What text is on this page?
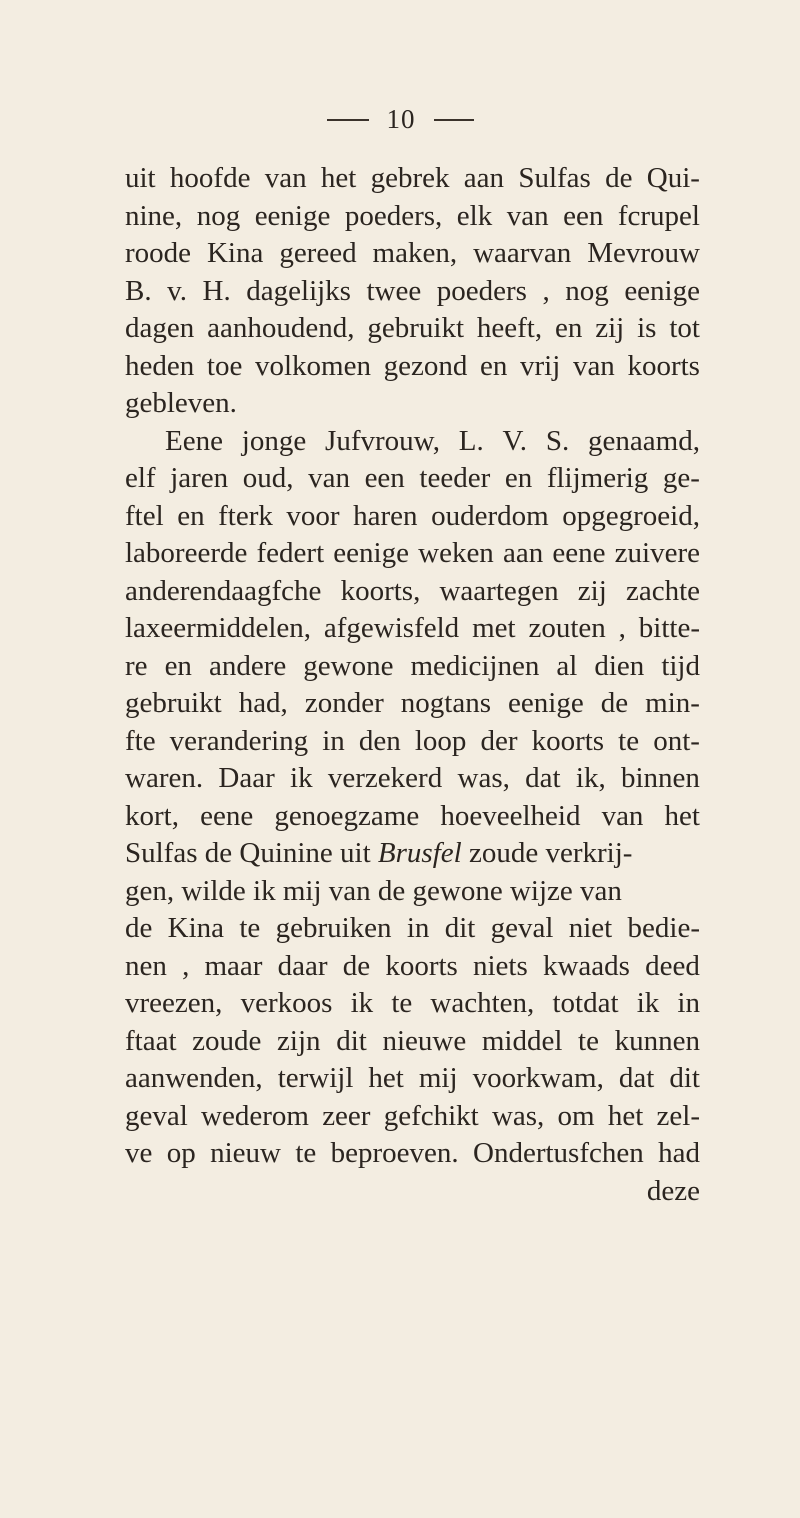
10
uit hoofde van het gebrek aan Sulfas de Qui-
nine, nog eenige poeders, elk van een fcrupel
roode Kina gereed maken, waarvan Mevrouw
B. v. H. dagelijks twee poeders , nog eenige
dagen aanhoudend, gebruikt heeft, en zij is tot
heden toe volkomen gezond en vrij van koorts
gebleven.
Eene jonge Jufvrouw, L. V. S. genaamd,
elf jaren oud, van een teeder en flijmerig ge-
ftel en fterk voor haren ouderdom opgegroeid,
laboreerde federt eenige weken aan eene zuivere
anderendaagfche koorts, waartegen zij zachte
laxeermiddelen, afgewisfeld met zouten , bitte-
re en andere gewone medicijnen al dien tijd
gebruikt had, zonder nogtans eenige de min-
fte verandering in den loop der koorts te ont-
waren. Daar ik verzekerd was, dat ik, binnen
kort, eene genoegzame hoeveelheid van het
Sulfas de Quinine uit Brusfel zoude verkrij-
gen, wilde ik mij van de gewone wijze van
de Kina te gebruiken in dit geval niet bedie-
nen , maar daar de koorts niets kwaads deed
vreezen, verkoos ik te wachten, totdat ik in
ftaat zoude zijn dit nieuwe middel te kunnen
aanwenden, terwijl het mij voorkwam, dat dit
geval wederom zeer gefchikt was, om het zel-
ve op nieuw te beproeven. Ondertusfchen had
deze
